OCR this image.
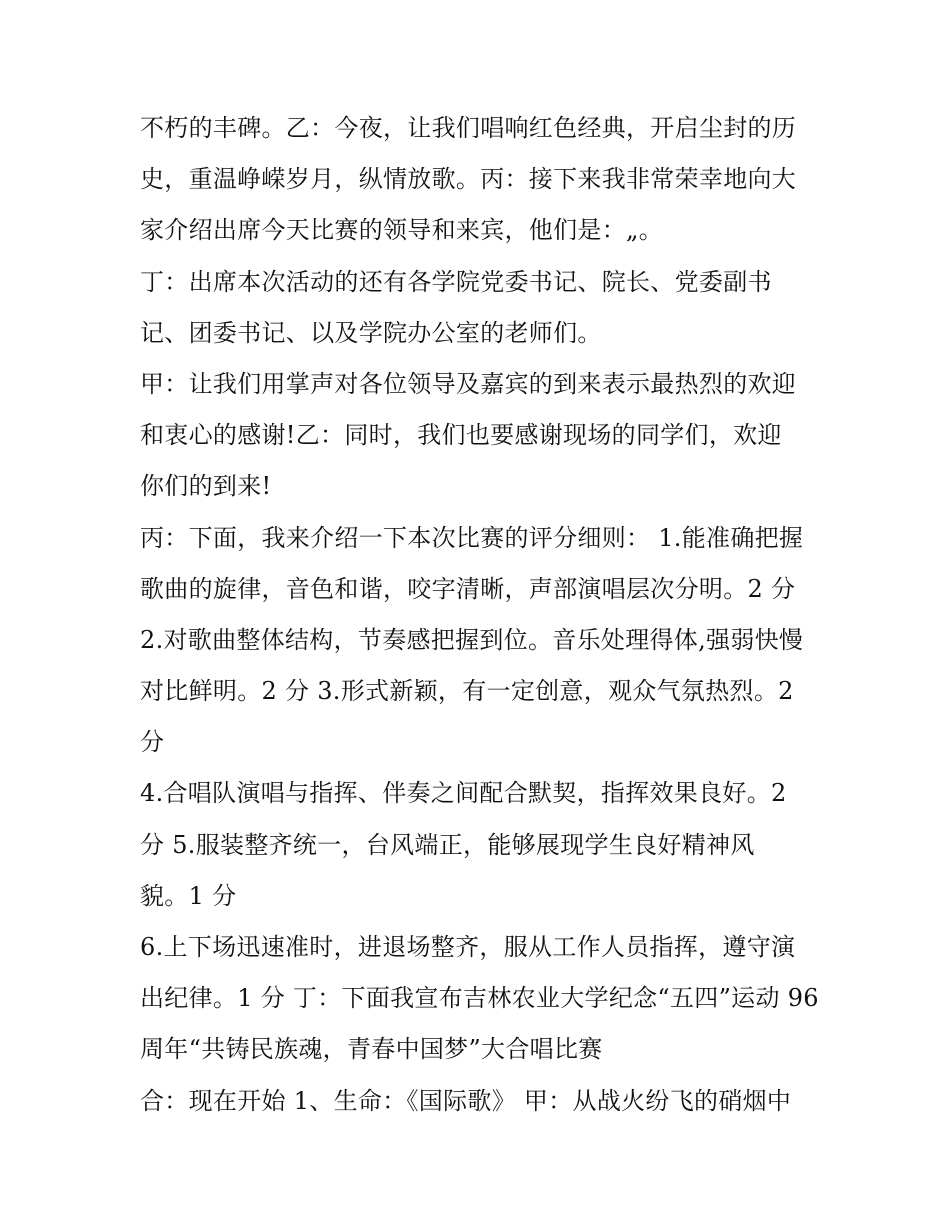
不朽的丰碑。乙：今夜，让我们唱响红色经典，开启尘封的历
史，重温峥嵘岁月，纵情放歌。丙：接下来我非常荣幸地向大
家介绍出席今天比赛的领导和来宾，他们是：„。
丁：出席本次活动的还有各学院党委书记、院长、党委副书
记、团委书记、以及学院办公室的老师们。
甲：让我们用掌声对各位领导及嘉宾的到来表示最热烈的欢迎
和衷心的感谢!乙：同时，我们也要感谢现场的同学们，欢迎
你们的到来!
丙：下面，我来介绍一下本次比赛的评分细则： 1.能准确把握
歌曲的旋律，音色和谐，咬字清晰，声部演唱层次分明。2 分
2.对歌曲整体结构，节奏感把握到位。音乐处理得体,强弱快慢
对比鲜明。2 分 3.形式新颖，有一定创意，观众气氛热烈。2
分
4.合唱队演唱与指挥、伴奏之间配合默契，指挥效果良好。2
分 5.服装整齐统一，台风端正，能够展现学生良好精神风
貌。1 分
6.上下场迅速准时，进退场整齐，服从工作人员指挥，遵守演
出纪律。1 分 丁：下面我宣布吉林农业大学纪念“五四”运动 96
周年“共铸民族魂，青春中国梦”大合唱比赛
合：现在开始 1、生命：《国际歌》 甲：从战火纷飞的硝烟中
